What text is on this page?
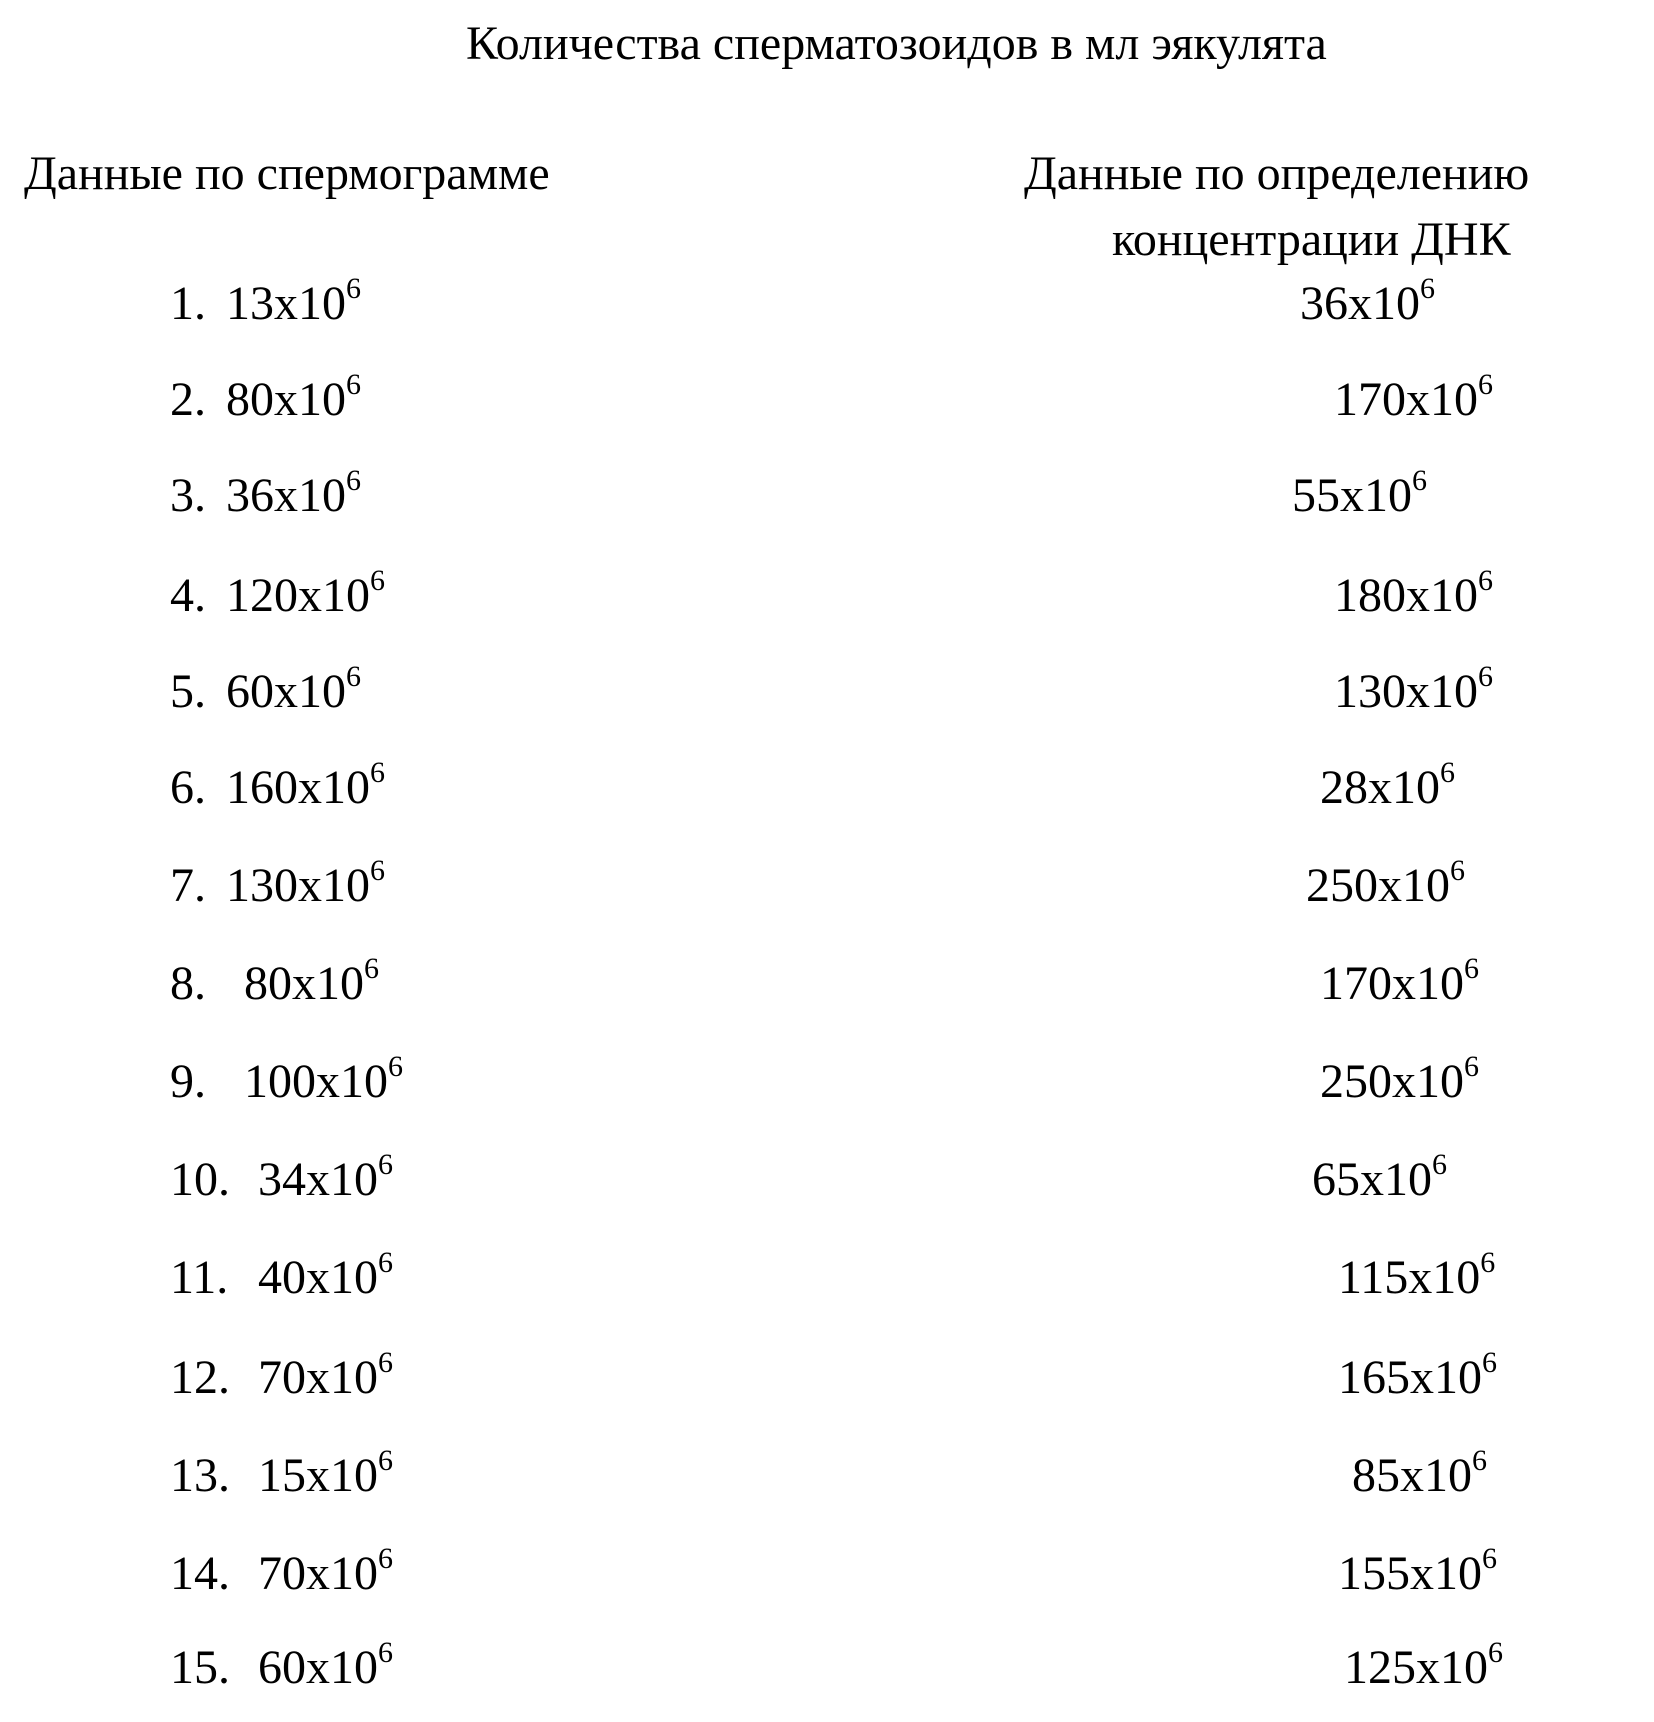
Количества сперматозоидов в мл эякулята
Данные по спермограмме	Данные по определению
концентрации ДНК
1. $13x10^6$	$36x10^6$
2. $80x10^6$	$170x10^6$
3. $36x10^6$	$55x10^6$
4. $120x10^6$	$180x10^6$
5. $60x10^6$	$130x10^6$
6. $160x10^6$	$28x10^6$
7. $130x10^6$	$250x10^6$
8. $80x10^6$	$170x10^6$
9. $100x10^6$	$250x10^6$
10. $34x10^6$	$65x10^6$
11. $40x10^6$	$115x10^6$
12. $70x10^6$	$165x10^6$
13. $15x10^6$	$85x10^6$
14. $70x10^6$	$155x10^6$
15. $60x10^6$	$125x10^6$
